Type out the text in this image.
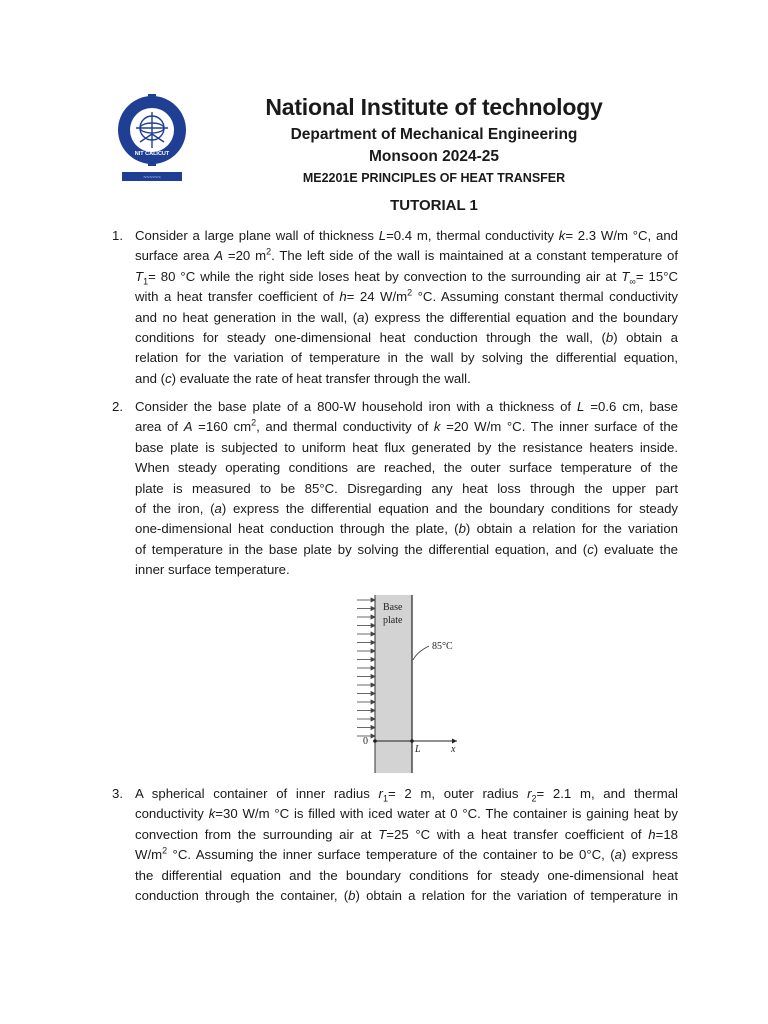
NIT CALICUT
~~~~~~
National Institute of technology
Department of Mechanical Engineering
Monsoon 2024-25
ME2201E PRINCIPLES OF HEAT TRANSFER
TUTORIAL 1
1. Consider a large plane wall of thickness L=0.4 m, thermal conductivity k= 2.3 W/m °C, and
surface area A =20 $m^2$. The left side of the wall is maintained at a constant temperature of
$T_1= 80$ °C while the right side loses heat by convection to the surrounding air at $T_\infty= 15^\circ C$
with a heat transfer coefficient of h= 24 $W/m^2$ °C. Assuming constant thermal conductivity
and no heat generation in the wall, (a) express the differential equation and the boundary
conditions for steady one-dimensional heat conduction through the wall, (b) obtain a
relation for the variation of temperature in the wall by solving the differential equation,
and (c) evaluate the rate of heat transfer through the wall.
2. Consider the base plate of a 800-W household iron with a thickness of L =0.6 cm, base
area of A =160 $cm^2$, and thermal conductivity of k =20 W/m °C. The inner surface of the
base plate is subjected to uniform heat flux generated by the resistance heaters inside.
When steady operating conditions are reached, the outer surface temperature of the
plate is measured to be 85°C. Disregarding any heat loss through the upper part
of the iron, (a) express the differential equation and the boundary conditions for steady
one-dimensional heat conduction through the plate, (b) obtain a relation for the variation
of temperature in the base plate by solving the differential equation, and (c) evaluate the
inner surface temperature.
Base
plate
85°C
0
L	x
3. A spherical container of inner radius $r_1= 2$ m, outer radius $r_2= 2.1$ m, and thermal
conductivity k=30 W/m °C is filled with iced water at 0 °C. The container is gaining heat by
convection from the surrounding air at T=25 °C with a heat transfer coefficient of h=18
$W/m^2$ °C. Assuming the inner surface temperature of the container to be 0°C, (a) express
the differential equation and the boundary conditions for steady one-dimensional heat
conduction through the container, (b) obtain a relation for the variation of temperature in
